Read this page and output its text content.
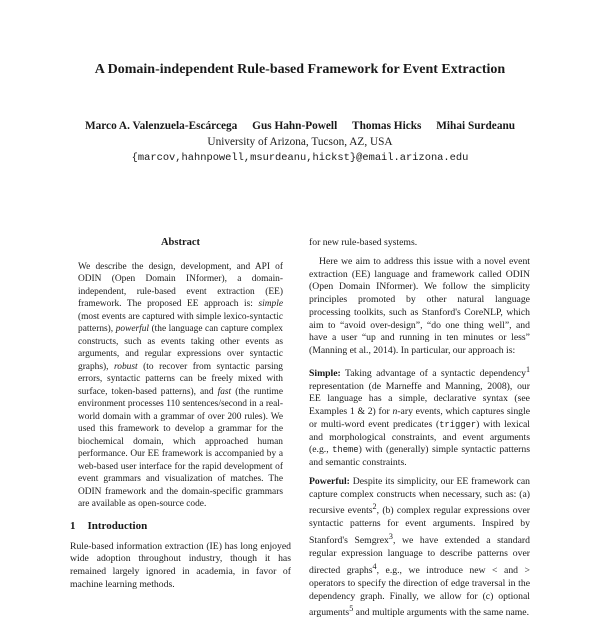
A Domain-independent Rule-based Framework for Event Extraction
Marco A. Valenzuela-Escárcega Gus Hahn-Powell Thomas Hicks Mihai Surdeanu
University of Arizona, Tucson, AZ, USA
{marcov,hahnpowell,msurdeanu,hickst}@email.arizona.edu
Abstract

We describe the design, development, and API of ODIN (Open Domain INformer), a domain-independent, rule-based event extraction (EE) framework. The proposed EE approach is: simple (most events are captured with simple lexico-syntactic patterns), powerful (the language can capture complex constructs, such as events taking other events as arguments, and regular expressions over syntactic graphs), robust (to recover from syntactic parsing errors, syntactic patterns can be freely mixed with surface, token-based patterns), and fast (the runtime environment processes 110 sentences/second in a real-world domain with a grammar of over 200 rules). We used this framework to develop a grammar for the biochemical domain, which approached human performance. Our EE framework is accompanied by a web-based user interface for the rapid development of event grammars and visualization of matches. The ODIN framework and the domain-specific grammars are available as open-source code.

1 Introduction

Rule-based information extraction (IE) has long enjoyed wide adoption throughout industry, though it has remained largely ignored in academia, in favor of machine learning methods.

for new rule-based systems.

Here we aim to address this issue with a novel event extraction (EE) language and framework called ODIN (Open Domain INformer). We follow the simplicity principles promoted by other natural language processing toolkits, such as Stanford's CoreNLP, which aim to “avoid over-design”, “do one thing well”, and have a user “up and running in ten minutes or less” (Manning et al., 2014). In particular, our approach is:

Simple: Taking advantage of a syntactic dependency$^1$ representation (de Marneffe and Manning, 2008), our EE language has a simple, declarative syntax (see Examples 1 & 2) for n-ary events, which captures single or multi-word event predicates (trigger) with lexical and morphological constraints, and event arguments (e.g., theme) with (generally) simple syntactic patterns and semantic constraints.

Powerful: Despite its simplicity, our EE framework can capture complex constructs when necessary, such as: (a) recursive events$^2$, (b) complex regular expressions over syntactic patterns for event arguments. Inspired by Stanford's Semgrex$^3$, we have extended a standard regular expression language to describe patterns over directed graphs$^4$, e.g., we introduce new < and > operators to specify the direction of edge traversal in the dependency graph. Finally, we allow for (c) optional arguments$^5$ and multiple arguments with the same name.
